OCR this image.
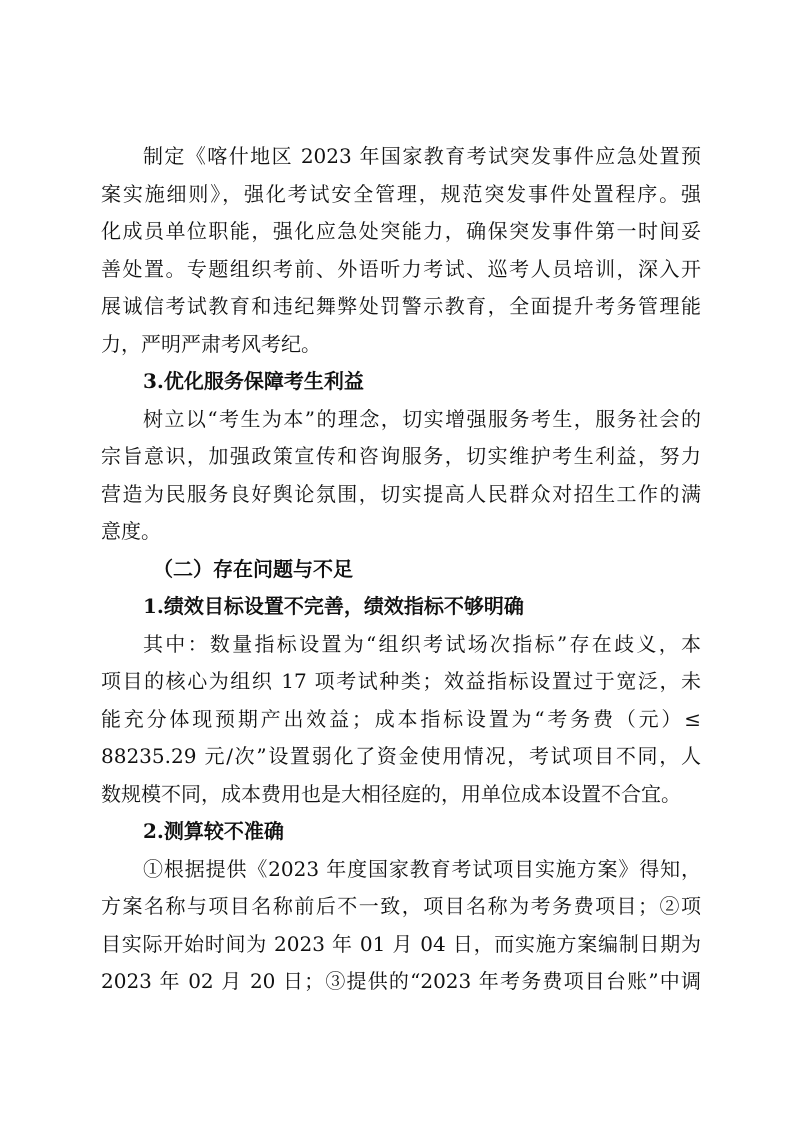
制定《喀什地区 2023 年国家教育考试突发事件应急处置预
案实施细则》，强化考试安全管理，规范突发事件处置程序。强
化成员单位职能，强化应急处突能力，确保突发事件第一时间妥
善处置。专题组织考前、外语听力考试、巡考人员培训，深入开
展诚信考试教育和违纪舞弊处罚警示教育，全面提升考务管理能
力，严明严肃考风考纪。
3.优化服务保障考生利益
树立以“考生为本”的理念，切实增强服务考生，服务社会的
宗旨意识，加强政策宣传和咨询服务，切实维护考生利益，努力
营造为民服务良好舆论氛围，切实提高人民群众对招生工作的满
意度。
（二）存在问题与不足
1.绩效目标设置不完善，绩效指标不够明确
其中：数量指标设置为“组织考试场次指标”存在歧义，本
项目的核心为组织 17 项考试种类；效益指标设置过于宽泛，未
能充分体现预期产出效益；成本指标设置为“考务费（元）≤
88235.29 元/次”设置弱化了资金使用情况，考试项目不同，人
数规模不同，成本费用也是大相径庭的，用单位成本设置不合宜。
2.测算较不准确
①根据提供《2023 年度国家教育考试项目实施方案》得知，
方案名称与项目名称前后不一致，项目名称为考务费项目；②项
目实际开始时间为 2023 年 01 月 04 日，而实施方案编制日期为
2023 年 02 月 20 日；③提供的“2023 年考务费项目台账”中调
